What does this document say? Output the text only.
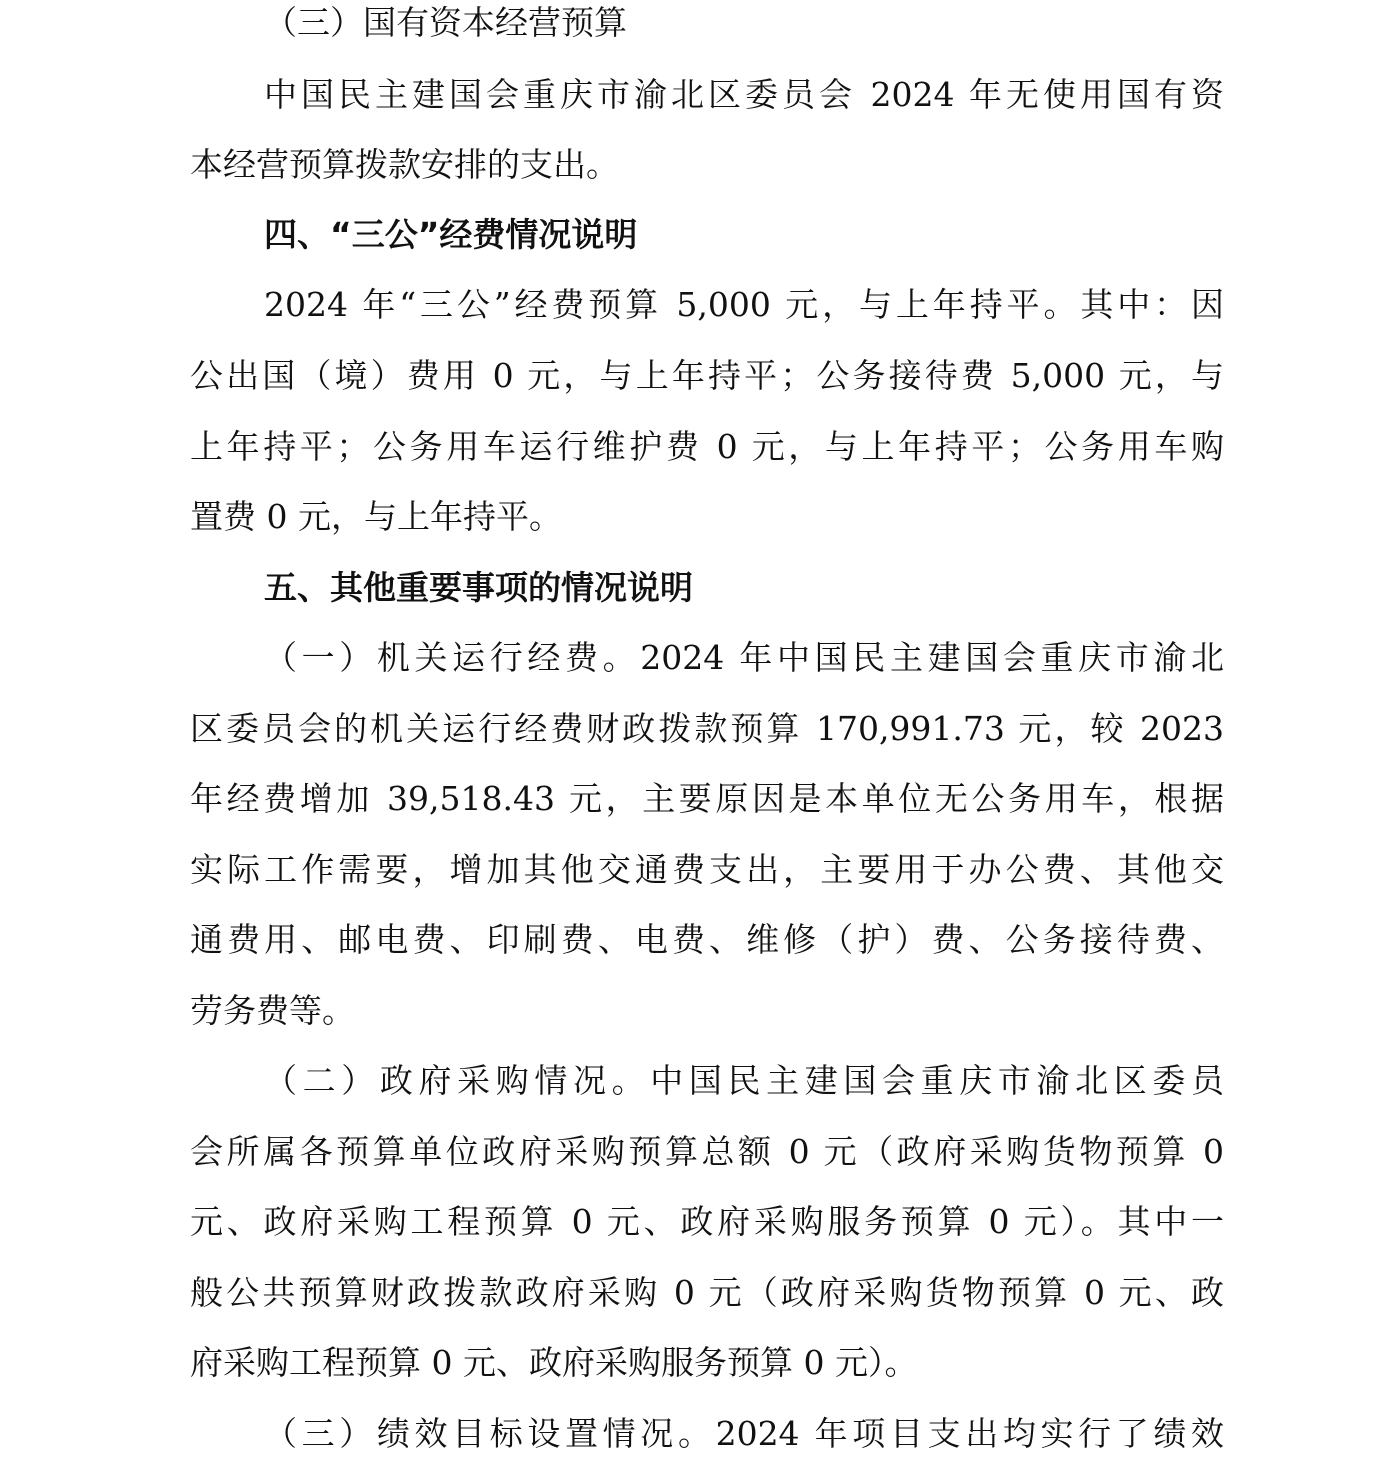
（三）国有资本经营预算
中国民主建国会重庆市渝北区委员会 2024 年无使用国有资
本经营预算拨款安排的支出。
四、“三公”经费情况说明
2024 年“三公”经费预算 5,000 元，与上年持平。其中：因
公出国（境）费用 0 元，与上年持平；公务接待费 5,000 元，与
上年持平；公务用车运行维护费 0 元，与上年持平；公务用车购
置费 0 元，与上年持平。
五、其他重要事项的情况说明
（一）机关运行经费。2024 年中国民主建国会重庆市渝北
区委员会的机关运行经费财政拨款预算 170,991.73 元，较 2023
年经费增加 39,518.43 元，主要原因是本单位无公务用车，根据
实际工作需要，增加其他交通费支出，主要用于办公费、其他交
通费用、邮电费、印刷费、电费、维修（护）费、公务接待费、
劳务费等。
（二）政府采购情况。中国民主建国会重庆市渝北区委员
会所属各预算单位政府采购预算总额 0 元（政府采购货物预算 0
元、政府采购工程预算 0 元、政府采购服务预算 0 元）。其中一
般公共预算财政拨款政府采购 0 元（政府采购货物预算 0 元、政
府采购工程预算 0 元、政府采购服务预算 0 元）。
（三）绩效目标设置情况。2024 年项目支出均实行了绩效
